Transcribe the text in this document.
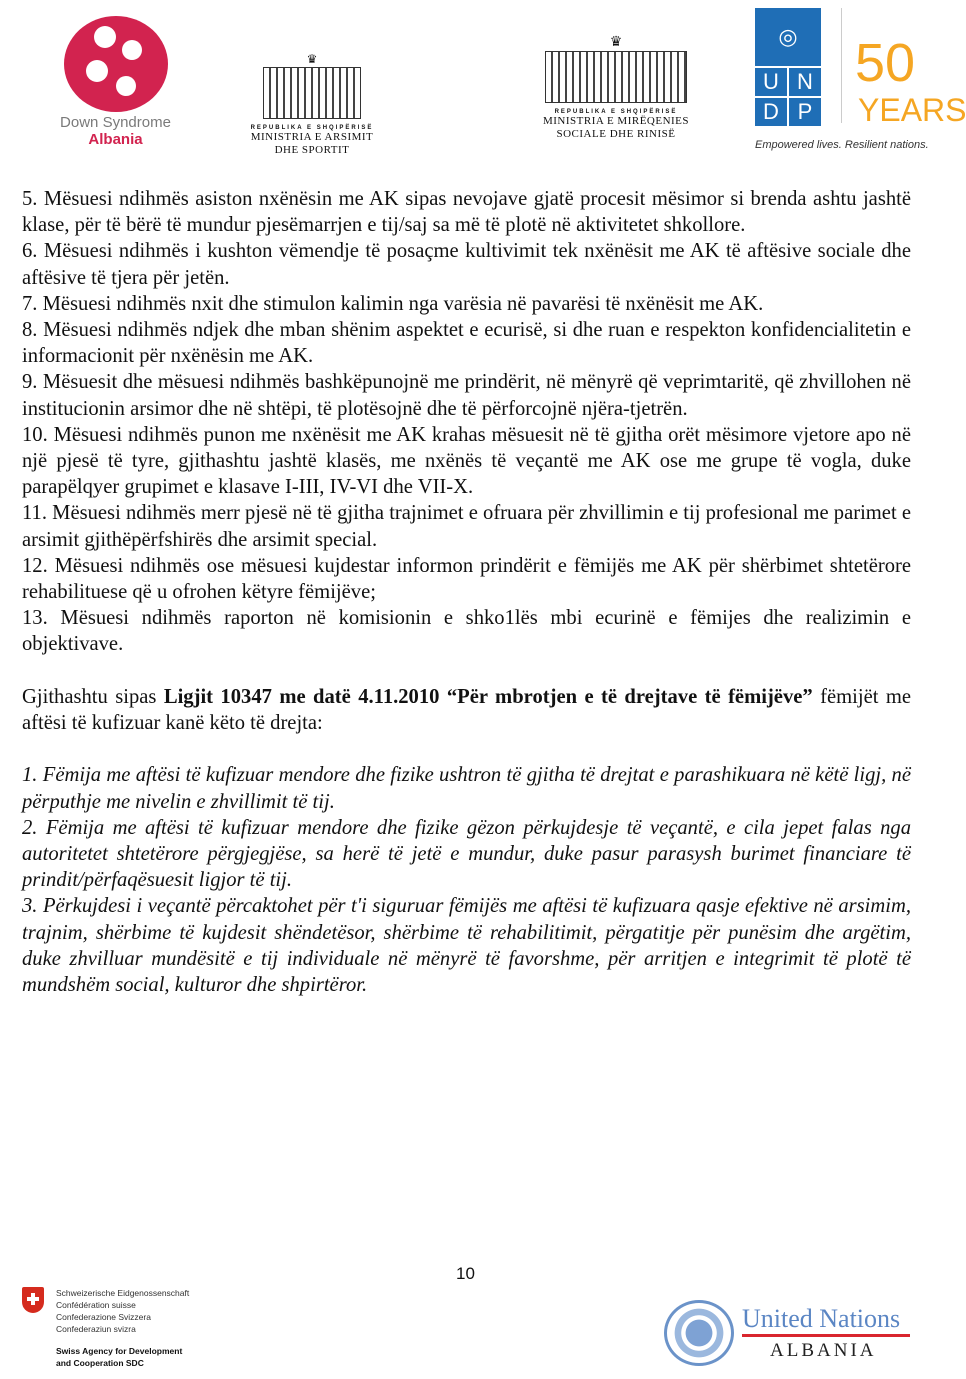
Down Syndrome
Albania
♛
REPUBLIKA E SHQIPËRISË
MINISTRIA E ARSIMIT
DHE SPORTIT
♛
REPUBLIKA E SHQIPËRISË
MINISTRIA E MIRËQENIES
SOCIALE DHE RINISË
◎
U N
D P
50
YEARS
Empowered lives. Resilient nations.

5. Mësuesi ndihmës asiston nxënësin me AK sipas nevojave gjatë procesit mësimor si brenda ashtu jashtë klase, për të bërë të mundur pjesëmarrjen e tij/saj sa më të plotë në aktivitetet shkollore.

6. Mësuesi ndihmës i kushton vëmendje të posaçme kultivimit tek nxënësit me AK të aftësive sociale dhe aftësive të tjera për jetën.

7. Mësuesi ndihmës nxit dhe stimulon kalimin nga varësia në pavarësi të nxënësit me AK.

8. Mësuesi ndihmës ndjek dhe mban shënim aspektet e ecurisë, si dhe ruan e respekton konfidencialitetin e informacionit për nxënësin me AK.

9. Mësuesit dhe mësuesi ndihmës bashkëpunojnë me prindërit, në mënyrë që veprimtaritë, që zhvillohen në institucionin arsimor dhe në shtëpi, të plotësojnë dhe të përforcojnë njëra-tjetrën.

10. Mësuesi ndihmës punon me nxënësit me AK krahas mësuesit në të gjitha orët mësimore vjetore apo në një pjesë të tyre, gjithashtu jashtë klasës, me nxënës të veçantë me AK ose me grupe të vogla, duke parapëlqyer grupimet e klasave I-III, IV-VI dhe VII-X.

11. Mësuesi ndihmës merr pjesë në të gjitha trajnimet e ofruara për zhvillimin e tij profesional me parimet e arsimit gjithëpërfshirës dhe arsimit special.

12. Mësuesi ndihmës ose mësuesi kujdestar informon prindërit e fëmijës me AK për shërbimet shtetërore rehabilituese që u ofrohen këtyre fëmijëve;

13. Mësuesi ndihmës raporton në komisionin e shko1lës mbi ecurinë e fëmijes dhe realizimin e objektivave.

Gjithashtu sipas Ligjit 10347 me datë 4.11.2010 “Për mbrotjen e të drejtave të fëmijëve” fëmijët me aftësi të kufizuar kanë këto të drejta:

1. Fëmija me aftësi të kufizuar mendore dhe fizike ushtron të gjitha të drejtat e parashikuara në këtë ligj, në përputhje me nivelin e zhvillimit të tij.

2. Fëmija me aftësi të kufizuar mendore dhe fizike gëzon përkujdesje të veçantë, e cila jepet falas nga autoritetet shtetërore përgjegjëse, sa herë të jetë e mundur, duke pasur parasysh burimet financiare të prindit/përfaqësuesit ligjor të tij.

3. Përkujdesi i veçantë përcaktohet për t'i siguruar fëmijës me aftësi të kufizuara qasje efektive në arsimim, trajnim, shërbime të kujdesit shëndetësor, shërbime të rehabilitimit, përgatitje për punësim dhe argëtim, duke zhvilluar mundësitë e tij individuale në mënyrë të favorshme, për arritjen e integrimit të plotë të mundshëm social, kulturor dhe shpirtëror.

10
Schweizerische Eidgenossenschaft
Confédération suisse
Confederazione Svizzera
Confederaziun svizra
Swiss Agency for Development
and Cooperation SDC
United Nations
ALBANIA
